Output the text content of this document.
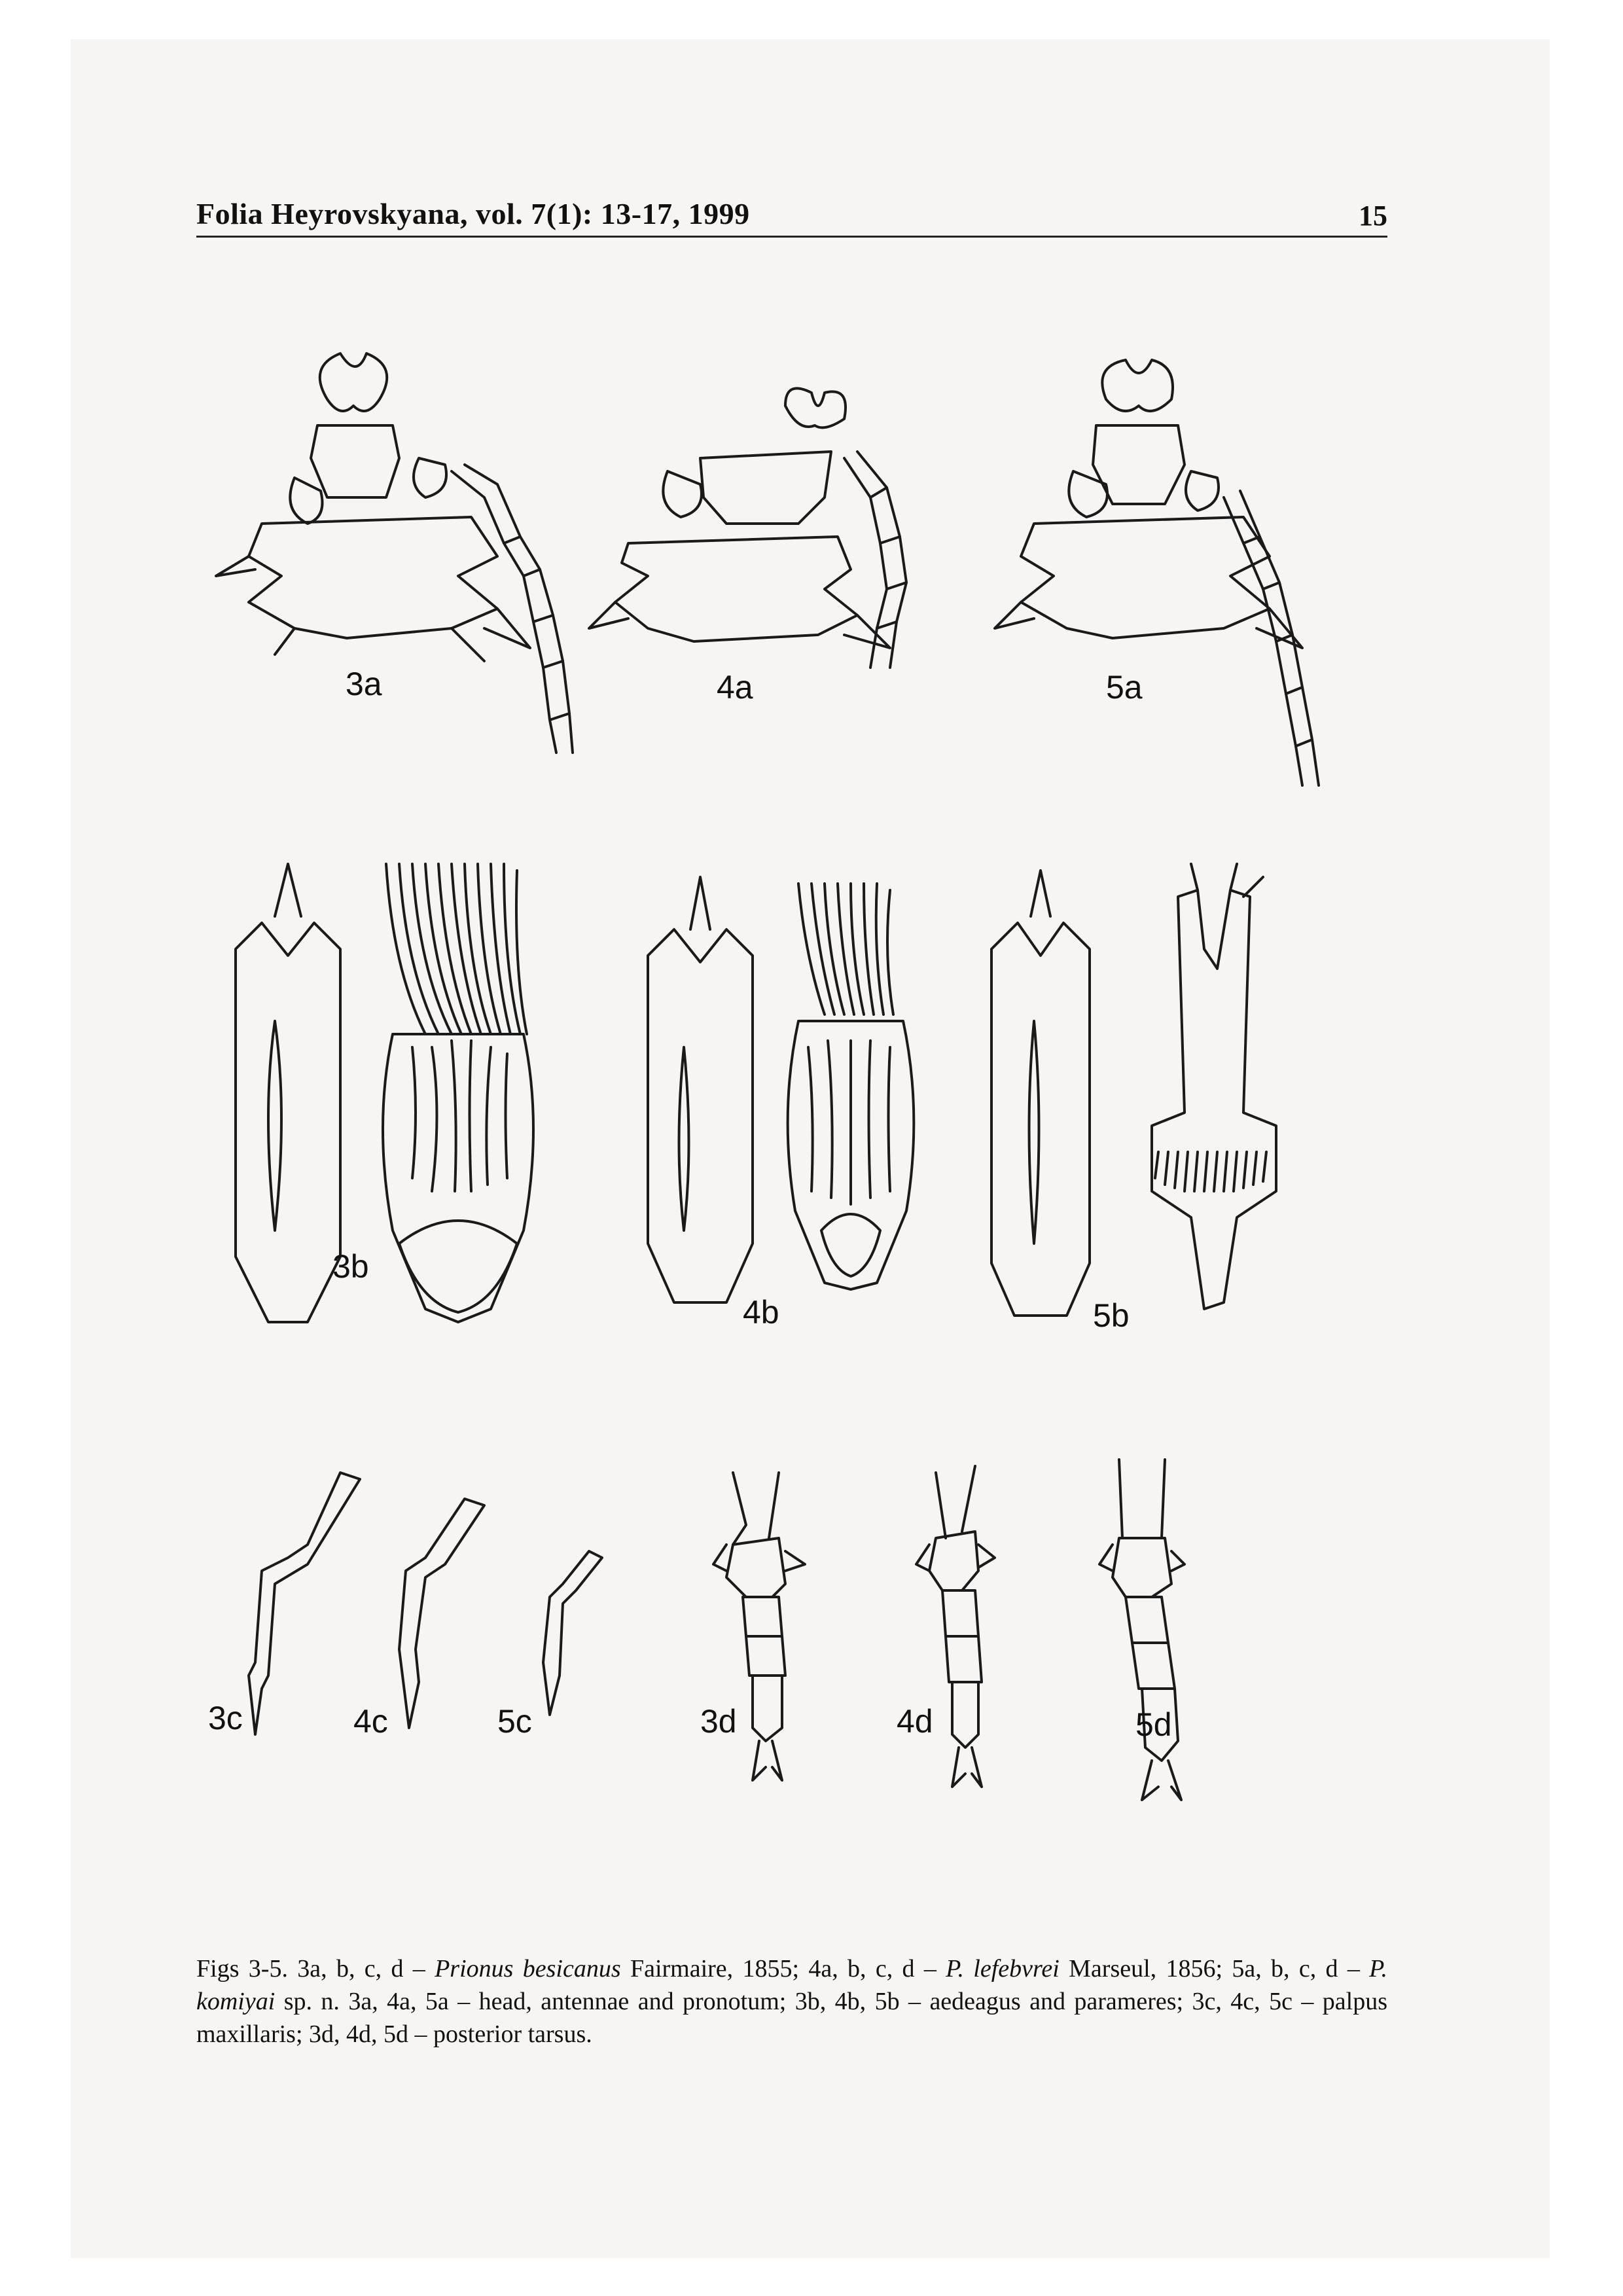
Folia Heyrovskyana, vol. 7(1): 13-17, 1999	15
3a	4a	5a
3b
4b	5b
3c	4c	5c	3d	4d	5d

Figs 3-5. 3a, b, c, d – Prionus besicanus Fairmaire, 1855; 4a, b, c, d – P. lefebvrei Marseul, 1856; 5a, b, c, d – P. komiyai sp. n. 3a, 4a, 5a – head, antennae and pronotum; 3b, 4b, 5b – aedeagus and parameres; 3c, 4c, 5c – palpus maxillaris; 3d, 4d, 5d – posterior tarsus.
